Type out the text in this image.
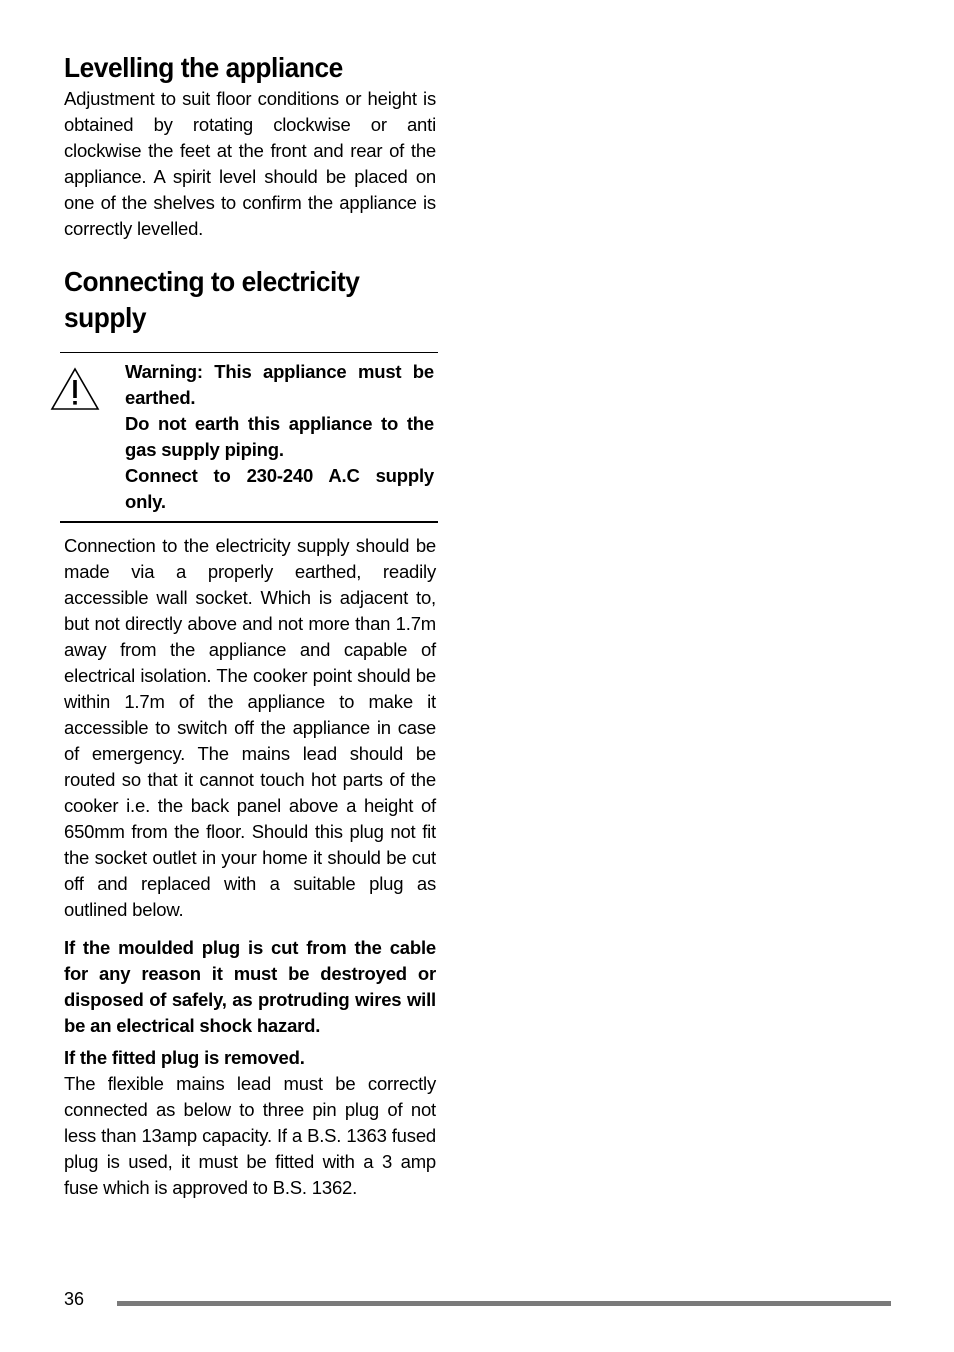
Levelling the appliance

Adjustment to suit floor conditions or height is obtained by rotating clockwise or anti clockwise the feet at the front and rear of the appliance. A spirit level should be placed on one of the shelves to confirm the appliance is correctly levelled.

Connecting to electricity
supply

Warning: This appliance must be earthed.

Do not earth this appliance to the gas supply piping.

Connect to 230-240 A.C supply only.

Connection to the electricity supply should be made via a properly earthed, readily accessible wall socket. Which is adjacent to, but not directly above and not more than 1.7m away from the appliance and capable of electrical isolation. The cooker point should be within 1.7m of the appliance to make it accessible to switch off the appliance in case of emergency. The mains lead should be routed so that it cannot touch hot parts of the cooker i.e. the back panel above a height of 650mm from the floor. Should this plug not fit the socket outlet in your home it should be cut off and replaced with a suitable plug as outlined below.

If the moulded plug is cut from the cable for any reason it must be destroyed or disposed of safely, as protruding wires will be an electrical shock hazard.

If the fitted plug is removed.

The flexible mains lead must be correctly connected as below to three pin plug of not less than 13amp capacity. If a B.S. 1363 fused plug is used, it must be fitted with a 3 amp fuse which is approved to B.S. 1362.

36
